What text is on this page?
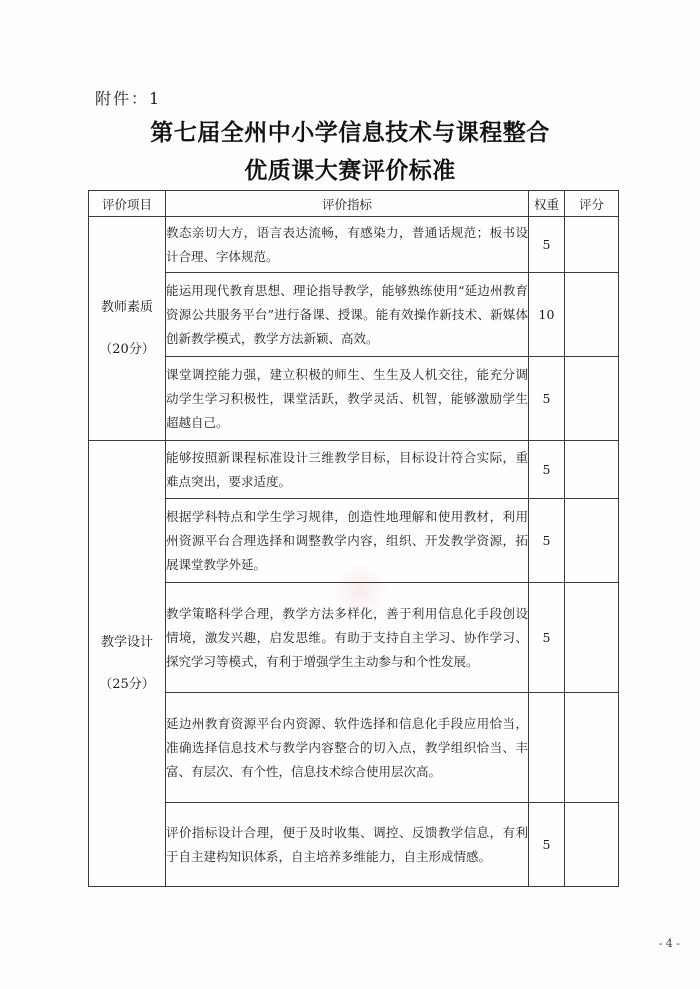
附件：1
第七届全州中小学信息技术与课程整合
优质课大赛评价标准
评价项目	评价指标	权重	评分

教师素质
（20分）	教态亲切大方，语言表达流畅，有感染力，普通话规范；板书设计合理、字体规范。	5	
	能运用现代教育思想、理论指导教学，能够熟练使用“延边州教育资源公共服务平台”进行备课、授课。能有效操作新技术、新媒体创新教学模式，教学方法新颖、高效。	10	
	课堂调控能力强，建立积极的师生、生生及人机交往，能充分调动学生学习积极性，课堂活跃，教学灵活、机智，能够激励学生超越自己。	5	

教学设计
（25分）	能够按照新课程标准设计三维教学目标，目标设计符合实际，重难点突出，要求适度。	5	
	根据学科特点和学生学习规律，创造性地理解和使用教材，利用州资源平台合理选择和调整教学内容，组织、开发教学资源，拓展课堂教学外延。	5	
	教学策略科学合理，教学方法多样化，善于利用信息化手段创设情境，激发兴趣，启发思维。有助于支持自主学习、协作学习、探究学习等模式，有利于增强学生主动参与和个性发展。	5	
	延边州教育资源平台内资源、软件选择和信息化手段应用恰当，准确选择信息技术与教学内容整合的切入点，教学组织恰当、丰富、有层次、有个性，信息技术综合使用层次高。		
	评价指标设计合理，便于及时收集、调控、反馈教学信息，有利于自主建构知识体系，自主培养多维能力，自主形成情感。	5	
- 4 -
